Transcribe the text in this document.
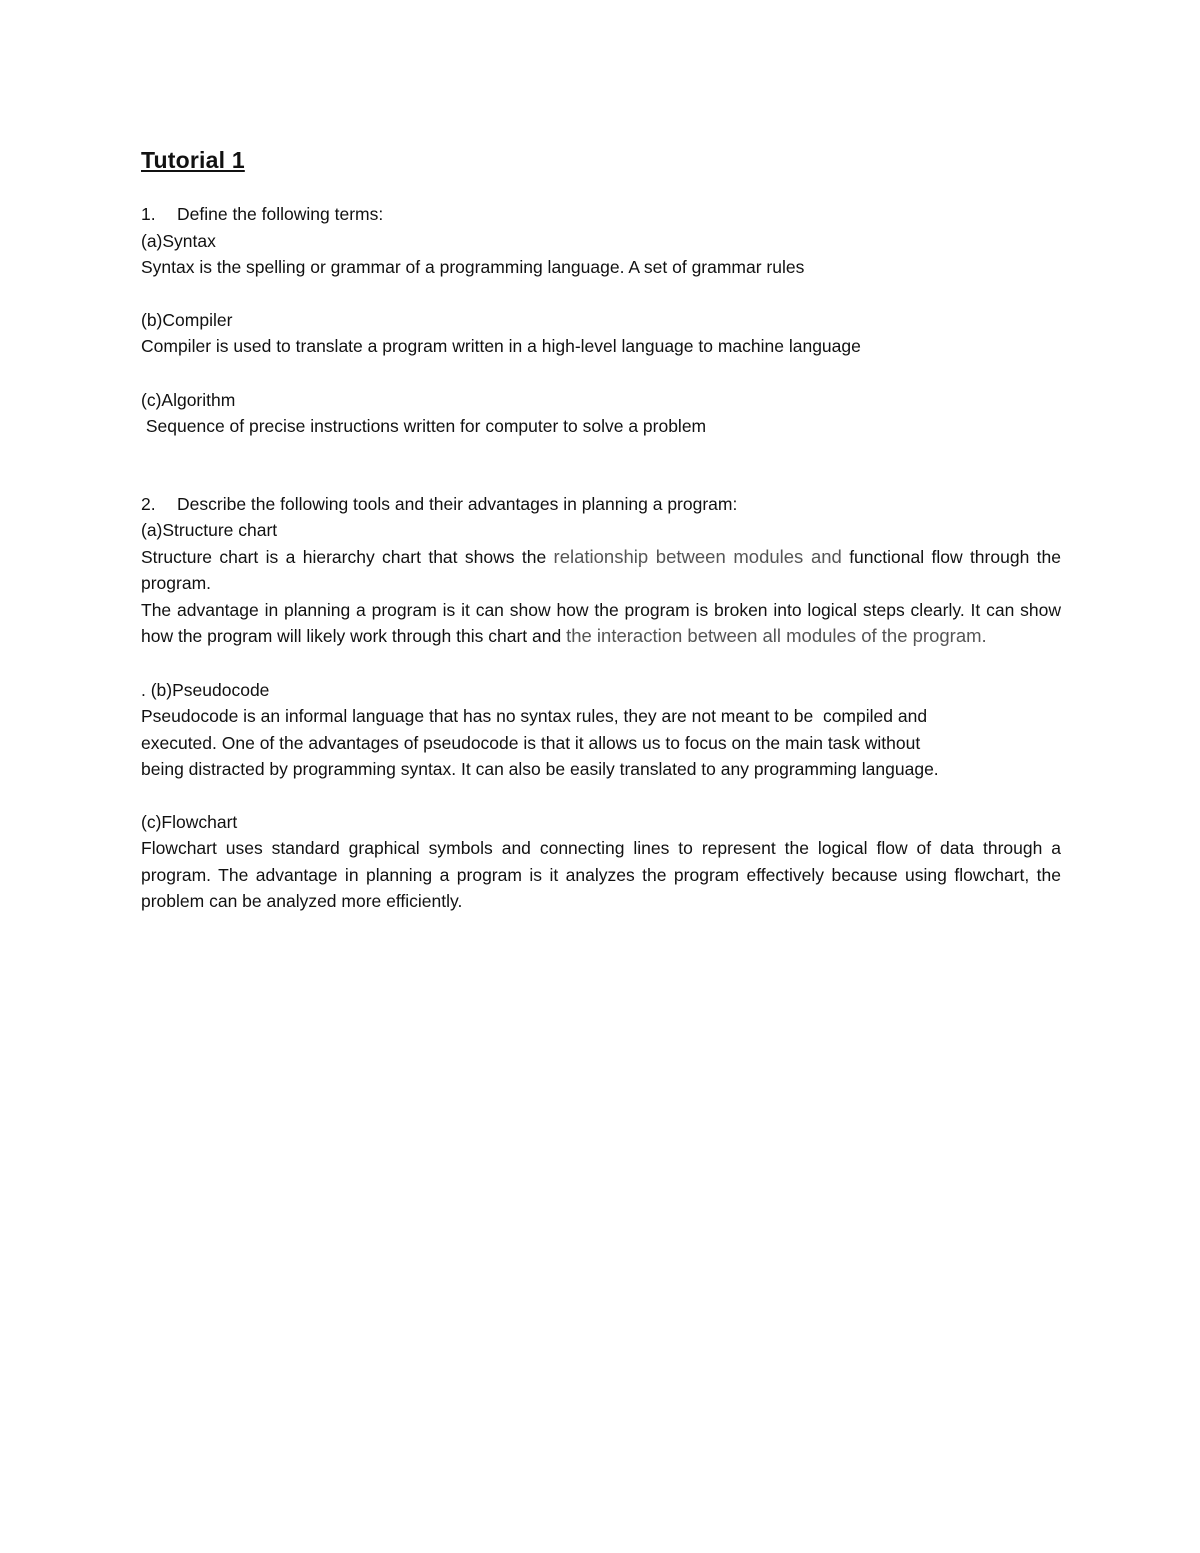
Tutorial 1

1. Define the following terms:

(a)Syntax

Syntax is the spelling or grammar of a programming language. A set of grammar rules

(b)Compiler

Compiler is used to translate a program written in a high-level language to machine language

(c)Algorithm

Sequence of precise instructions written for computer to solve a problem

2. Describe the following tools and their advantages in planning a program:

(a)Structure chart

Structure chart is a hierarchy chart that shows the relationship between modules and functional flow through the program.

The advantage in planning a program is it can show how the program is broken into logical steps clearly. It can show how the program will likely work through this chart and the interaction between all modules of the program.

. (b)Pseudocode

Pseudocode is an informal language that has no syntax rules, they are not meant to be  compiled and

executed. One of the advantages of pseudocode is that it allows us to focus on the main task without

being distracted by programming syntax. It can also be easily translated to any programming language.

(c)Flowchart

Flowchart uses standard graphical symbols and connecting lines to represent the logical flow of data through a program. The advantage in planning a program is it analyzes the program effectively because using flowchart, the problem can be analyzed more efficiently.
